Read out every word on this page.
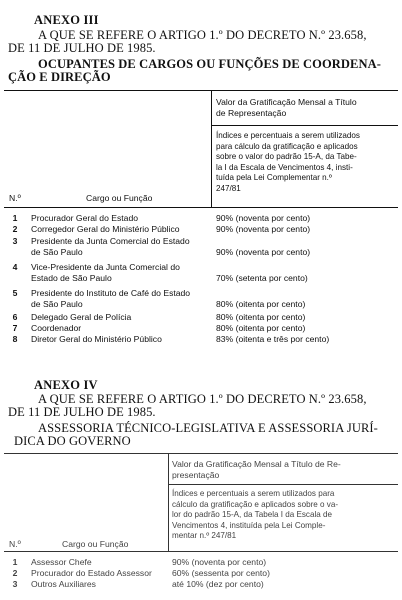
ANEXO III
A QUE SE REFERE O ARTIGO 1.º DO DECRETO N.º 23.658,
DE 11 DE JULHO DE 1985.
OCUPANTES DE CARGOS OU FUNÇÕES DE COORDENA-
ÇÃO E DIREÇÃO
Valor da Gratificação Mensal a Título
de Representação
Índices e percentuais a serem utilizados
para cálculo da gratificação e aplicados
sobre o valor do padrão 15-A, da Tabe-
la I da Escala de Vencimentos 4, insti-
tuída pela Lei Complementar n.º
247/81
N.º	Cargo ou Função
1	Procurador Geral do Estado	90% (noventa por cento)
2	Corregedor Geral do Ministério Público	90% (noventa por cento)
3	Presidente da Junta Comercial do Estado
de São Paulo	90% (noventa por cento)
4	Vice-Presidente da Junta Comercial do
Estado de São Paulo	70% (setenta por cento)
5	Presidente do Instituto de Café do Estado
de São Paulo	80% (oitenta por cento)
6	Delegado Geral de Polícia	80% (oitenta por cento)
7	Coordenador	80% (oitenta por cento)
8	Diretor Geral do Ministério Público	83% (oitenta e três por cento)
ANEXO IV
A QUE SE REFERE O ARTIGO 1.º DO DECRETO N.º 23.658,
DE 11 DE JULHO DE 1985.
ASSESSORIA TÉCNICO-LEGISLATIVA E ASSESSORIA JURÍ-
DICA DO GOVERNO
Valor da Gratificação Mensal a Título de Re-
presentação
Índices e percentuais a serem utilizados para
cálculo da gratificação e aplicados sobre o va-
lor do padrão 15-A, da Tabela I da Escala de
Vencimentos 4, instituída pela Lei Comple-
mentar n.º 247/81
N.º	Cargo ou Função
1	Assessor Chefe	90% (noventa por cento)
2	Procurador do Estado Assessor	60% (sessenta por cento)
3	Outros Auxiliares	até 10% (dez por cento)
